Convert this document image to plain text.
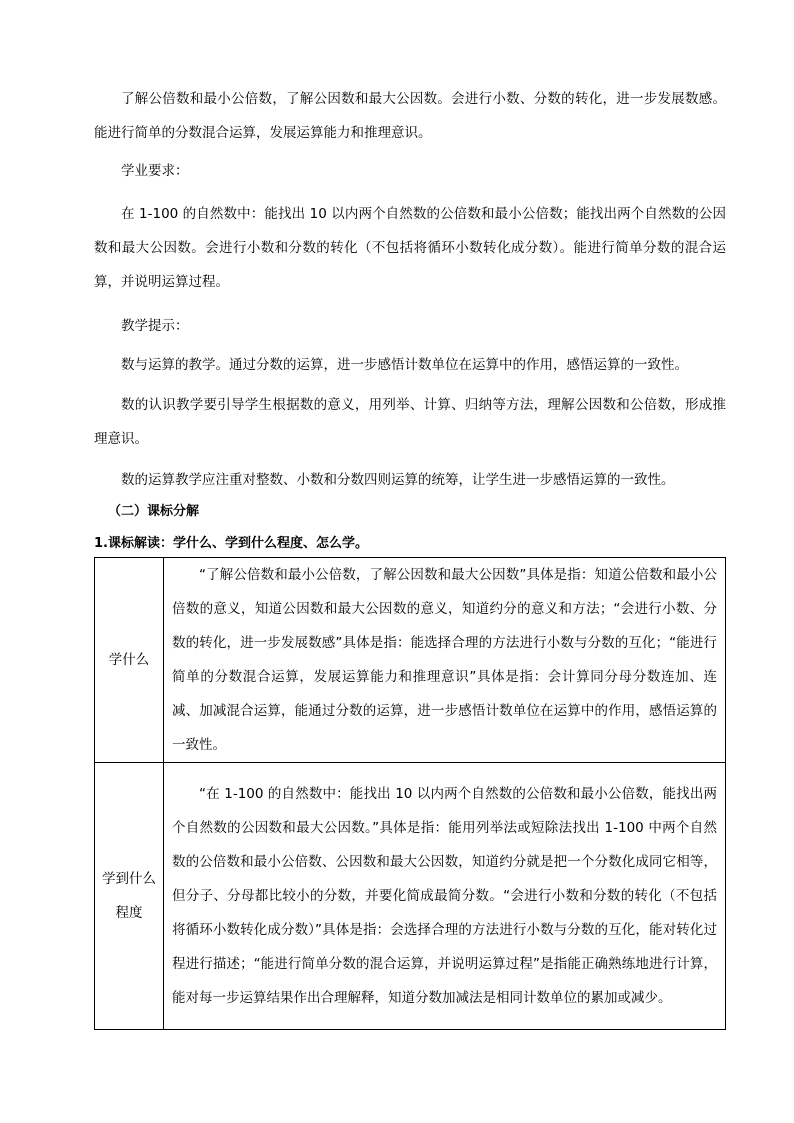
了解公倍数和最小公倍数，了解公因数和最大公因数。会进行小数、分数的转化，进一步发展数感。能进行简单的分数混合运算，发展运算能力和推理意识。

学业要求：

在 1-100 的自然数中：能找出 10 以内两个自然数的公倍数和最小公倍数；能找出两个自然数的公因数和最大公因数。会进行小数和分数的转化（不包括将循环小数转化成分数）。能进行简单分数的混合运算，并说明运算过程。

教学提示：

数与运算的教学。通过分数的运算，进一步感悟计数单位在运算中的作用，感悟运算的一致性。

数的认识教学要引导学生根据数的意义，用列举、计算、归纳等方法，理解公因数和公倍数，形成推理意识。

数的运算教学应注重对整数、小数和分数四则运算的统筹，让学生进一步感悟运算的一致性。

（二）课标分解

1.课标解读：学什么、学到什么程度、怎么学。

学什么	“了解公倍数和最小公倍数，了解公因数和最大公因数”具体是指：知道公倍数和最小公倍数的意义，知道公因数和最大公因数的意义，知道约分的意义和方法；“会进行小数、分数的转化，进一步发展数感”具体是指：能选择合理的方法进行小数与分数的互化；“能进行简单的分数混合运算，发展运算能力和推理意识”具体是指：会计算同分母分数连加、连减、加减混合运算，能通过分数的运算，进一步感悟计数单位在运算中的作用，感悟运算的一致性。
学到什么程度	“在 1-100 的自然数中：能找出 10 以内两个自然数的公倍数和最小公倍数，能找出两个自然数的公因数和最大公因数。”具体是指：能用列举法或短除法找出 1-100 中两个自然数的公倍数和最小公倍数、公因数和最大公因数，知道约分就是把一个分数化成同它相等，但分子、分母都比较小的分数，并要化简成最简分数。“会进行小数和分数的转化（不包括将循环小数转化成分数）”具体是指：会选择合理的方法进行小数与分数的互化，能对转化过程进行描述；“能进行简单分数的混合运算，并说明运算过程”是指能正确熟练地进行计算，能对每一步运算结果作出合理解释，知道分数加减法是相同计数单位的累加或减少。
